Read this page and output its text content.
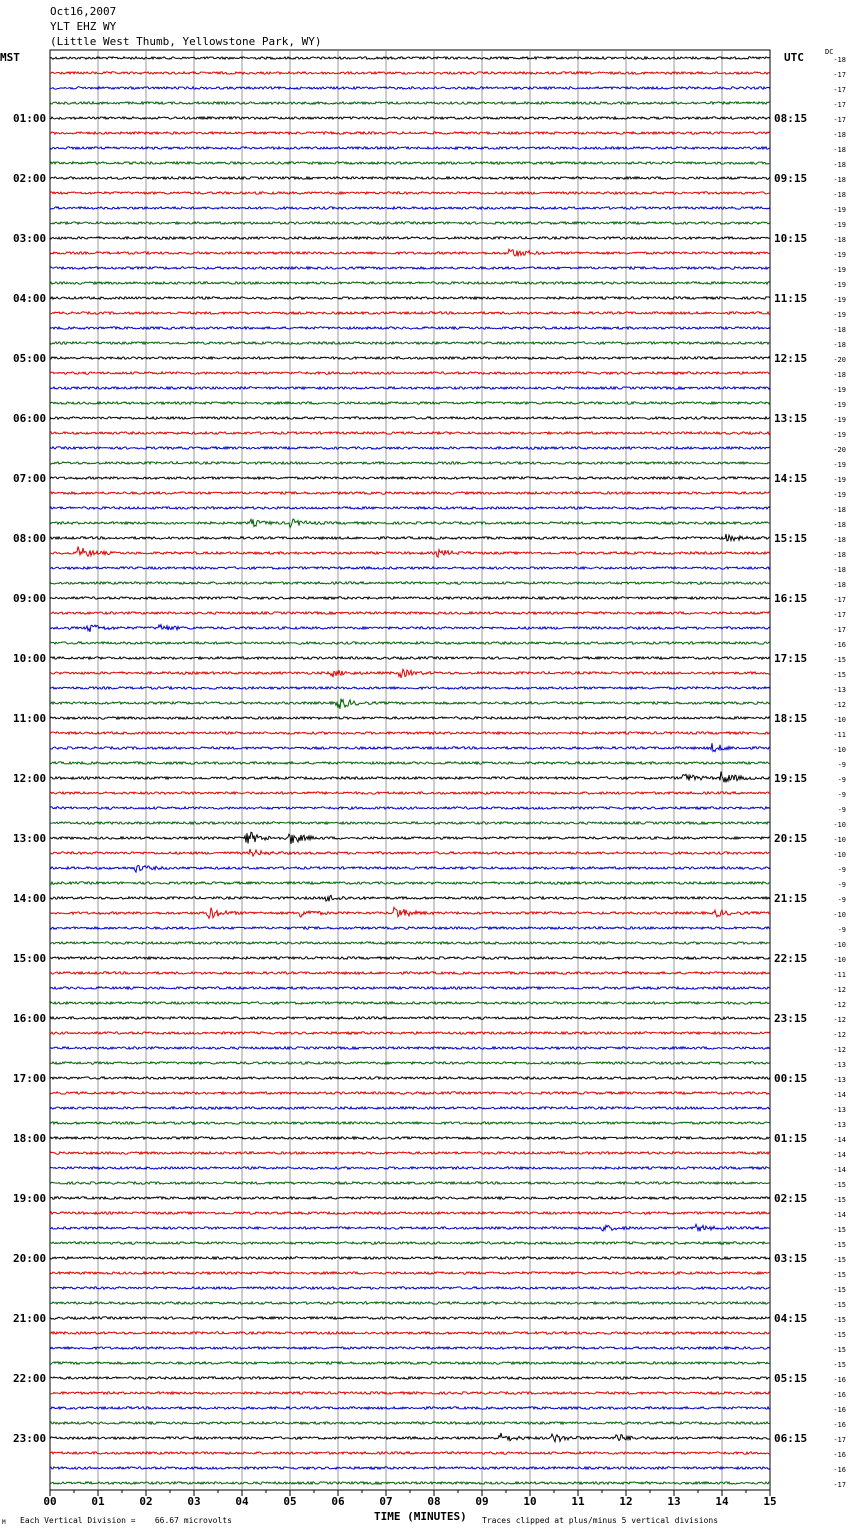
Oct16,2007
YLT EHZ WY
(Little West Thumb, Yellowstone Park, WY)
MST	UTC	DC
00	01	02	03	04	05	06	07	08	09	10	11	12	13	14	15
-18
-17
-17
-17
-17
01:00	08:15
-18
-18
-18
-18
02:00	09:15
-18
-19
-19
-18
03:00	10:15
-19
-19
-19
-19
04:00	11:15
-19
-18
-18
-20
05:00	12:15
-18
-19
-19
-19
06:00	13:15
-19
-20
-19
-19
07:00	14:15
-19
-18
-18
-18
08:00	15:15
-18
-18
-18
-17
09:00	16:15
-17
-17
-16
-15
10:00	17:15
-15
-13
-12
-10
11:00	18:15
-11
-10
-9
-9
12:00	19:15
-9
-9
-10
-10
13:00	20:15
-10
-9
-9
-9
14:00	21:15
-10
-9
-10
-10
15:00	22:15
-11
-12
-12
-12
16:00	23:15
-12
-12
-13
-13
17:00	00:15
-14
-13
-13
-14
18:00	01:15
-14
-14
-15
-15
19:00	02:15
-14
-15
-15
-15
20:00	03:15
-15
-15
-15
-15
21:00	04:15
-15
-15
-15
-16
22:00	05:15
-16
-16
-16
-17
23:00	06:15
-16
-16
-17
TIME (MINUTES)
Each Vertical Division =    66.67 microvolts	Traces clipped at plus/minus 5 vertical divisions
M
